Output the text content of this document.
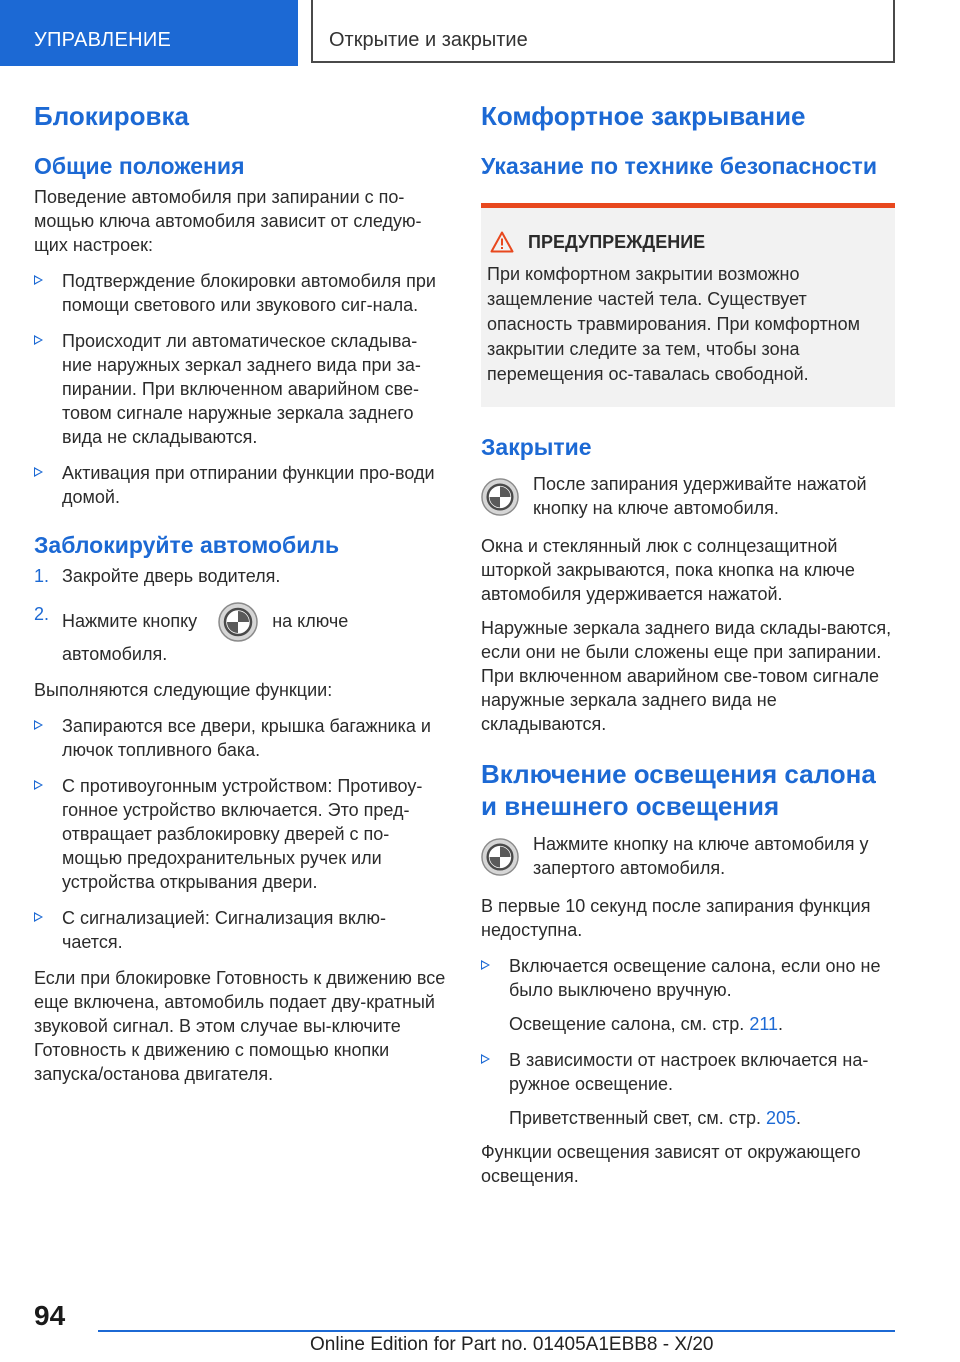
УПРАВЛЕНИЕ	Открытие и закрытие
Блокировка
Общие положения

Поведение автомобиля при запирании с по-мощью ключа автомобиля зависит от следую-щих настроек:

Подтверждение блокировки автомобиля при помощи светового или звукового сиг-нала.
Происходит ли автоматическое складыва-ние наружных зеркал заднего вида при за-пирании. При включенном аварийном све-товом сигнале наружные зеркала заднего вида не складываются.
Активация при отпирании функции про-води домой.
Заблокируйте автомобиль
1. Закройте дверь водителя.
2. Нажмите кнопку	на ключе автомобиля.

Выполняются следующие функции:

Запираются все двери, крышка багажника и лючок топливного бака.
С противоугонным устройством: Противоу-гонное устройство включается. Это пред-отвращает разблокировку дверей с по-мощью предохранительных ручек или устройства открывания двери.
С сигнализацией: Сигнализация вклю-чается.

Если при блокировке Готовность к движению все еще включена, автомобиль подает дву-кратный звуковой сигнал. В этом случае вы-ключите Готовность к движению с помощью кнопки запуска/останова двигателя.

Комфортное закрывание
Указание по технике безопасности
ПРЕДУПРЕЖДЕНИЕ

При комфортном закрытии возможно защемление частей тела. Существует опасность травмирования. При комфортном закрытии следите за тем, чтобы зона перемещения ос-тавалась свободной.

Закрытие

После запирания удерживайте нажатой кнопку на ключе автомобиля.

Окна и стеклянный люк с солнцезащитной шторкой закрываются, пока кнопка на ключе автомобиля удерживается нажатой.

Наружные зеркала заднего вида склады-ваются, если они не были сложены еще при запирании. При включенном аварийном све-товом сигнале наружные зеркала заднего вида не складываются.

Включение освещения салона и внешнего освещения

Нажмите кнопку на ключе автомобиля у запертого автомобиля.

В первые 10 секунд после запирания функция недоступна.

Включается освещение салона, если оно не было выключено вручную.
Освещение салона, см. стр. 211.
В зависимости от настроек включается на-ружное освещение.
Приветственный свет, см. стр. 205.

Функции освещения зависят от окружающего освещения.

94
Online Edition for Part no. 01405A1EBB8 - X/20
